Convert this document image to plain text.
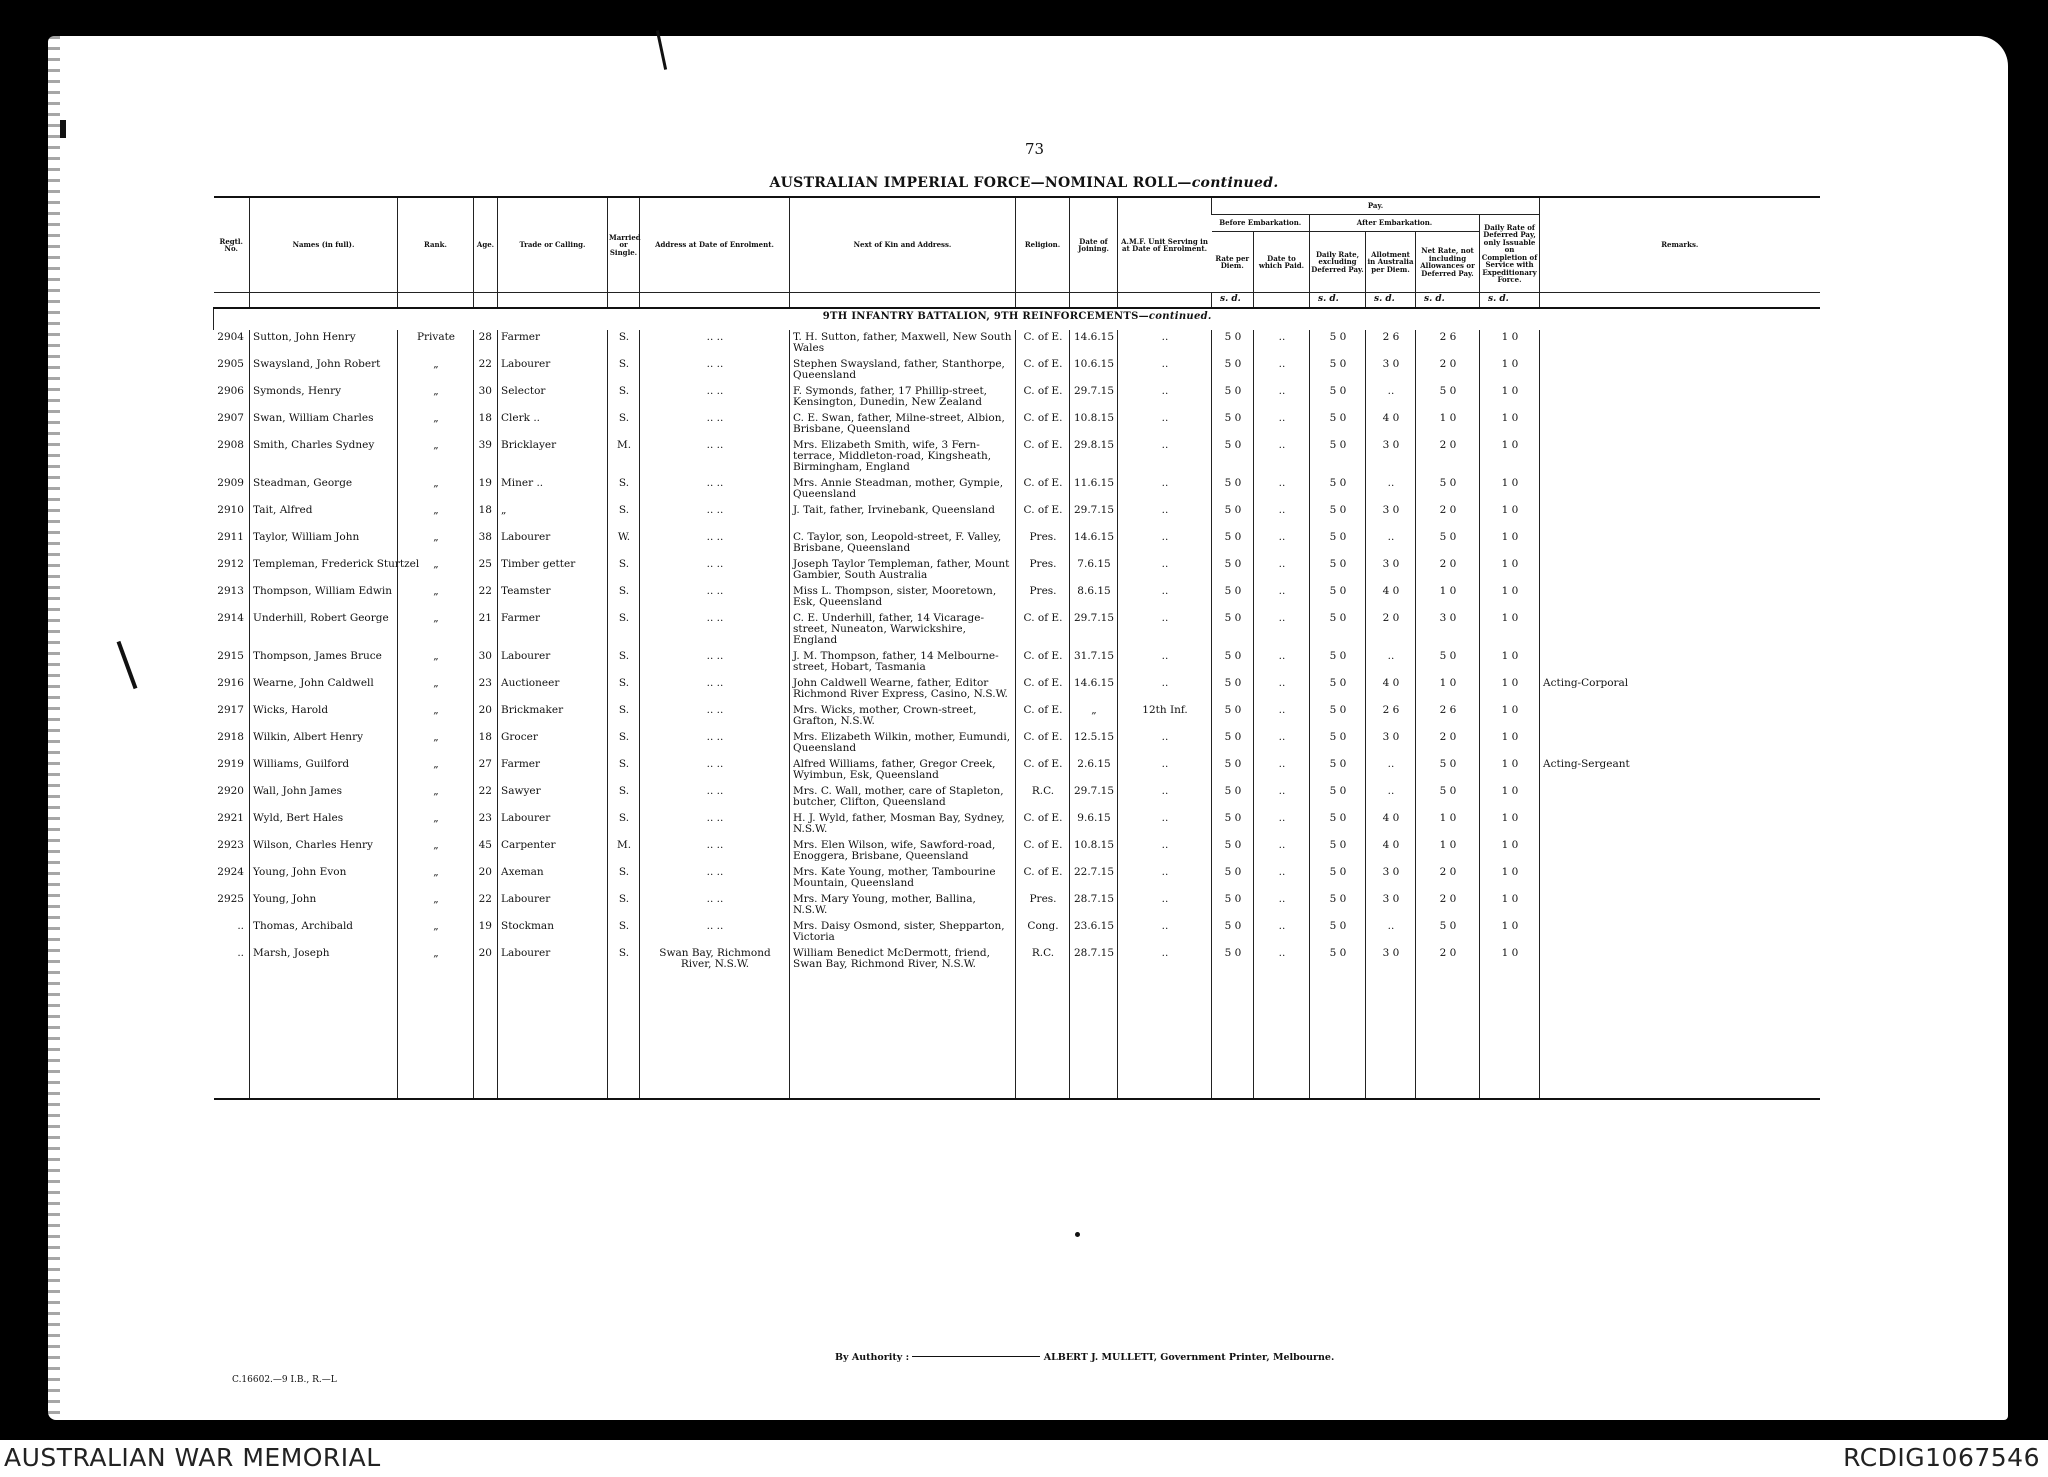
73
AUSTRALIAN IMPERIAL FORCE—NOMINAL ROLL—continued.
Regtl. No.	Names (in full).	Rank.	Age.	Trade or Calling.	Married or Single.	Address at Date of Enrolment.	Next of Kin and Address.	Religion.	Date of Joining.	A.M.F. Unit Serving in at Date of Enrolment.	Pay.						Remarks.
											Before Embarkation.		After Embarkation.			Daily Rate of Deferred Pay, only Issuable on Completion of Service with Expeditionary Force.	
											Rate per Diem.	Date to which Paid.	Daily Rate, excluding Deferred Pay.	Allotment in Australia per Diem.	Net Rate, not including Allowances or Deferred Pay.		
											s. d.		s. d.	s. d.	s. d.	s. d.	
9TH INFANTRY BATTALION, 9TH REINFORCEMENTS—continued.																	
2904	Sutton, John Henry	Private	28	Farmer	S.	.. ..	T. H. Sutton, father, Maxwell, New South Wales	C. of E.	14.6.15	..	5 0	..	5 0	2 6	2 6	1 0	
2905	Swaysland, John Robert	„	22	Labourer	S.	.. ..	Stephen Swaysland, father, Stanthorpe, Queensland	C. of E.	10.6.15	..	5 0	..	5 0	3 0	2 0	1 0	
2906	Symonds, Henry	„	30	Selector	S.	.. ..	F. Symonds, father, 17 Phillip-street, Kensington, Dunedin, New Zealand	C. of E.	29.7.15	..	5 0	..	5 0	..	5 0	1 0	
2907	Swan, William Charles	„	18	Clerk ..	S.	.. ..	C. E. Swan, father, Milne-street, Albion, Brisbane, Queensland	C. of E.	10.8.15	..	5 0	..	5 0	4 0	1 0	1 0	
2908	Smith, Charles Sydney	„	39	Bricklayer	M.	.. ..	Mrs. Elizabeth Smith, wife, 3 Fern-terrace, Middleton-road, Kingsheath, Birmingham, England	C. of E.	29.8.15	..	5 0	..	5 0	3 0	2 0	1 0	
2909	Steadman, George	„	19	Miner ..	S.	.. ..	Mrs. Annie Steadman, mother, Gympie, Queensland	C. of E.	11.6.15	..	5 0	..	5 0	..	5 0	1 0	
2910	Tait, Alfred	„	18	„	S.	.. ..	J. Tait, father, Irvinebank, Queensland	C. of E.	29.7.15	..	5 0	..	5 0	3 0	2 0	1 0	
2911	Taylor, William John	„	38	Labourer	W.	.. ..	C. Taylor, son, Leopold-street, F. Valley, Brisbane, Queensland	Pres.	14.6.15	..	5 0	..	5 0	..	5 0	1 0	
2912	Templeman, Frederick Sturtzel	„	25	Timber getter	S.	.. ..	Joseph Taylor Templeman, father, Mount Gambier, South Australia	Pres.	7.6.15	..	5 0	..	5 0	3 0	2 0	1 0	
2913	Thompson, William Edwin	„	22	Teamster	S.	.. ..	Miss L. Thompson, sister, Mooretown, Esk, Queensland	Pres.	8.6.15	..	5 0	..	5 0	4 0	1 0	1 0	
2914	Underhill, Robert George	„	21	Farmer	S.	.. ..	C. E. Underhill, father, 14 Vicarage-street, Nuneaton, Warwickshire, England	C. of E.	29.7.15	..	5 0	..	5 0	2 0	3 0	1 0	
2915	Thompson, James Bruce	„	30	Labourer	S.	.. ..	J. M. Thompson, father, 14 Melbourne-street, Hobart, Tasmania	C. of E.	31.7.15	..	5 0	..	5 0	..	5 0	1 0	
2916	Wearne, John Caldwell	„	23	Auctioneer	S.	.. ..	John Caldwell Wearne, father, Editor Richmond River Express, Casino, N.S.W.	C. of E.	14.6.15	..	5 0	..	5 0	4 0	1 0	1 0	Acting-Corporal
2917	Wicks, Harold	„	20	Brickmaker	S.	.. ..	Mrs. Wicks, mother, Crown-street, Grafton, N.S.W.	C. of E.	„	12th Inf.	5 0	..	5 0	2 6	2 6	1 0	
2918	Wilkin, Albert Henry	„	18	Grocer	S.	.. ..	Mrs. Elizabeth Wilkin, mother, Eumundi, Queensland	C. of E.	12.5.15	..	5 0	..	5 0	3 0	2 0	1 0	
2919	Williams, Guilford	„	27	Farmer	S.	.. ..	Alfred Williams, father, Gregor Creek, Wyimbun, Esk, Queensland	C. of E.	2.6.15	..	5 0	..	5 0	..	5 0	1 0	Acting-Sergeant
2920	Wall, John James	„	22	Sawyer	S.	.. ..	Mrs. C. Wall, mother, care of Stapleton, butcher, Clifton, Queensland	R.C.	29.7.15	..	5 0	..	5 0	..	5 0	1 0	
2921	Wyld, Bert Hales	„	23	Labourer	S.	.. ..	H. J. Wyld, father, Mosman Bay, Sydney, N.S.W.	C. of E.	9.6.15	..	5 0	..	5 0	4 0	1 0	1 0	
2923	Wilson, Charles Henry	„	45	Carpenter	M.	.. ..	Mrs. Elen Wilson, wife, Sawford-road, Enoggera, Brisbane, Queensland	C. of E.	10.8.15	..	5 0	..	5 0	4 0	1 0	1 0	
2924	Young, John Evon	„	20	Axeman	S.	.. ..	Mrs. Kate Young, mother, Tambourine Mountain, Queensland	C. of E.	22.7.15	..	5 0	..	5 0	3 0	2 0	1 0	
2925	Young, John	„	22	Labourer	S.	.. ..	Mrs. Mary Young, mother, Ballina, N.S.W.	Pres.	28.7.15	..	5 0	..	5 0	3 0	2 0	1 0	
..	Thomas, Archibald	„	19	Stockman	S.	.. ..	Mrs. Daisy Osmond, sister, Shepparton, Victoria	Cong.	23.6.15	..	5 0	..	5 0	..	5 0	1 0	
..	Marsh, Joseph	„	20	Labourer	S.	Swan Bay, Richmond River, N.S.W.	William Benedict McDermott, friend, Swan Bay, Richmond River, N.S.W.	R.C.	28.7.15	..	5 0	..	5 0	3 0	2 0	1 0	

By Authority :	ALBERT J. MULLETT, Government Printer, Melbourne.
C.16602.—9 I.B., R.—L
AUSTRALIAN WAR MEMORIAL	RCDIG1067546
